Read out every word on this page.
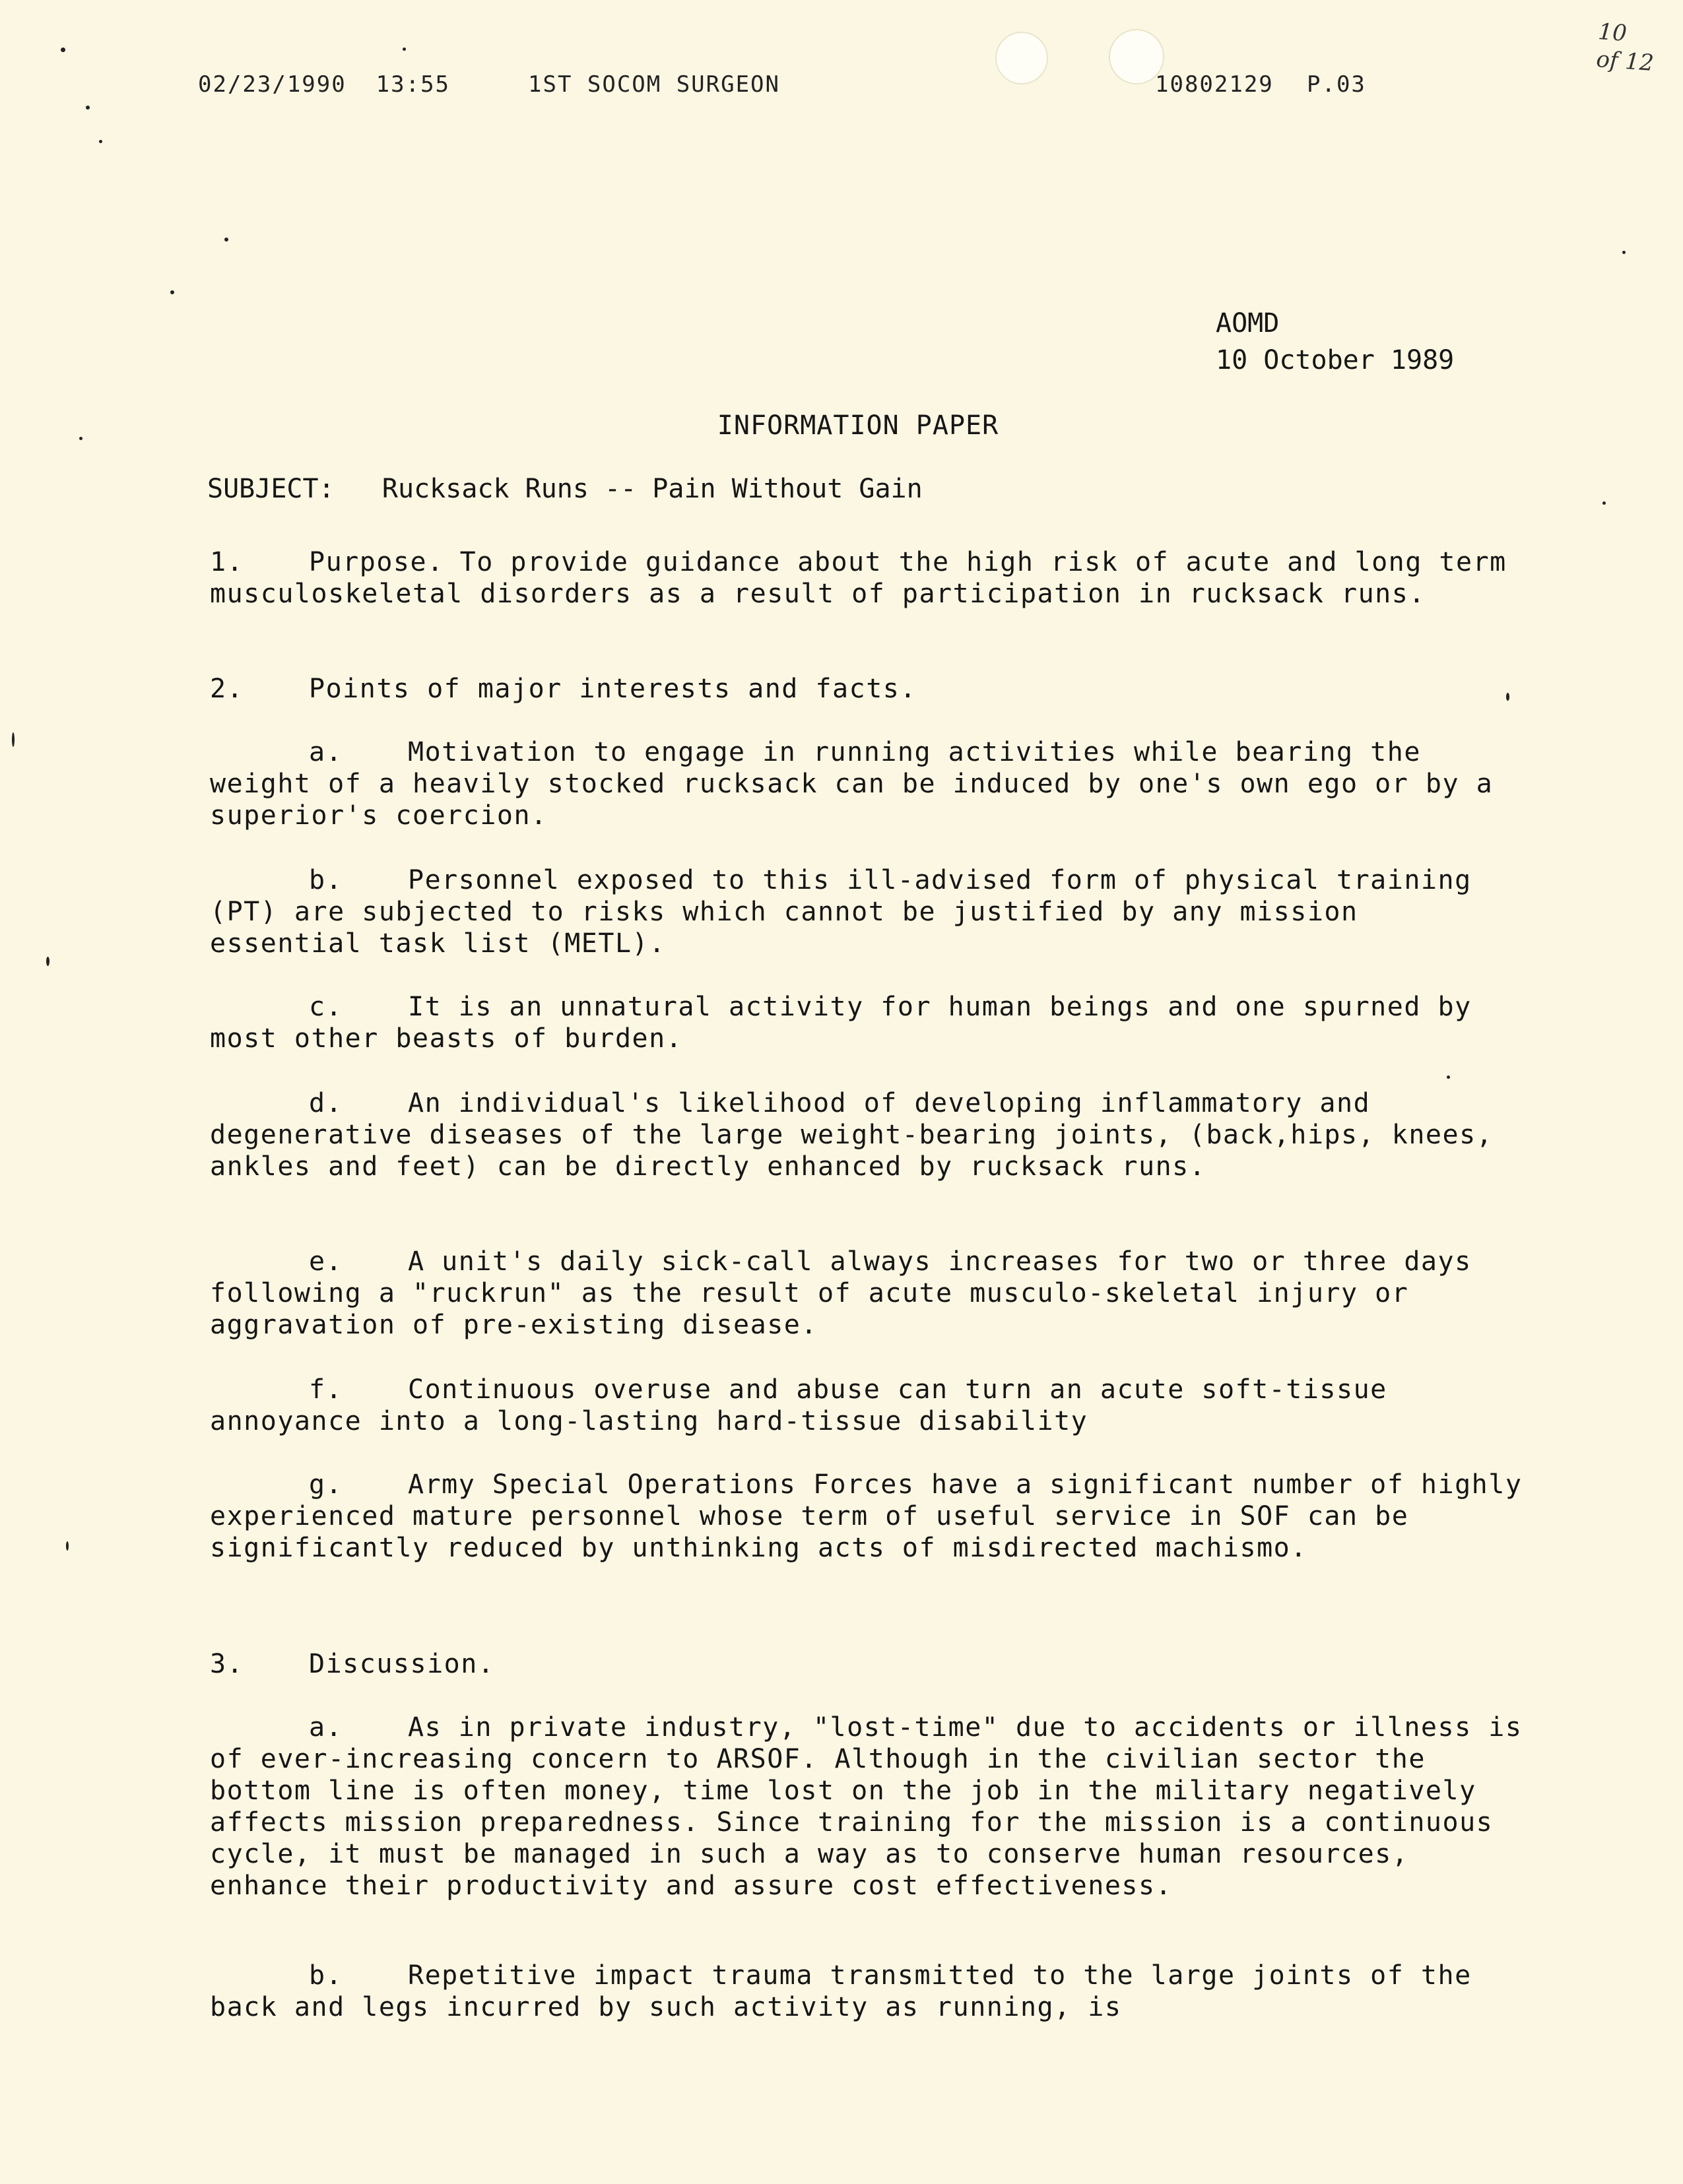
02/23/1990 13:55

	1ST SOCOM SURGEON

	10802129

P.03

10
of 12
AOMD
10 October 1989
INFORMATION PAPER
SUBJECT: Rucksack Runs -- Pain Without Gain
1. Purpose. To provide guidance about the high risk of acute and long term musculoskeletal disorders as a result of participation in rucksack runs.
2. Points of major interests and facts.
a. Motivation to engage in running activities while bearing the weight of a heavily stocked rucksack can be induced by one's own ego or by a superior's coercion.
b. Personnel exposed to this ill-advised form of physical training (PT) are subjected to risks which cannot be justified by any mission essential task list (METL).
c. It is an unnatural activity for human beings and one spurned by most other beasts of burden.
d. An individual's likelihood of developing inflammatory and degenerative diseases of the large weight-bearing joints, (back,hips, knees, ankles and feet) can be directly enhanced by rucksack runs.
e. A unit's daily sick-call always increases for two or three days following a "ruckrun" as the result of acute musculo-skeletal injury or aggravation of pre-existing disease.
f. Continuous overuse and abuse can turn an acute soft-tissue annoyance into a long-lasting hard-tissue disability
g. Army Special Operations Forces have a significant number of highly experienced mature personnel whose term of useful service in SOF can be significantly reduced by unthinking acts of misdirected machismo.
3. Discussion.
a. As in private industry, "lost-time" due to accidents or illness is of ever-increasing concern to ARSOF. Although in the civilian sector the bottom line is often money, time lost on the job in the military negatively affects mission preparedness. Since training for the mission is a continuous cycle, it must be managed in such a way as to conserve human resources, enhance their productivity and assure cost effectiveness.
b. Repetitive impact trauma transmitted to the large joints of the back and legs incurred by such activity as running, is
